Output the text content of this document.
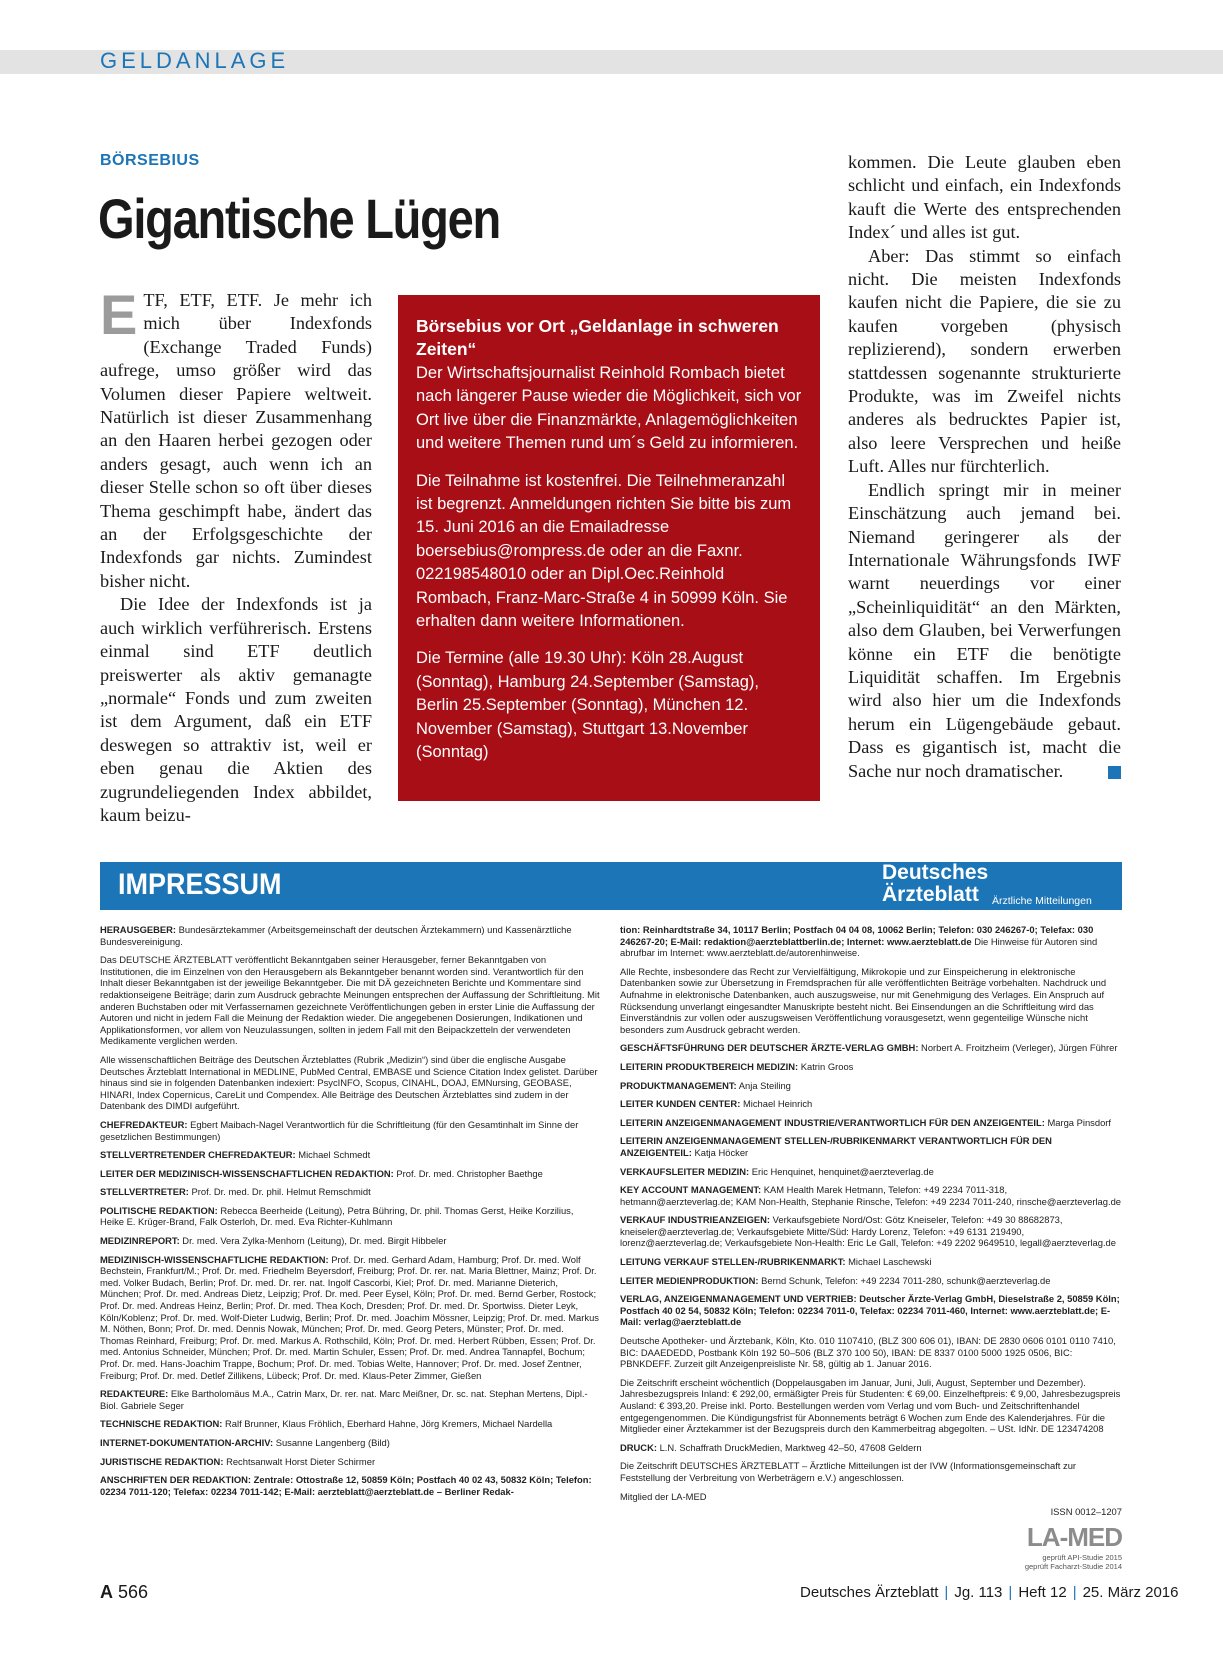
GELDANLAGE
BÖRSEBIUS
Gigantische Lügen

ETF, ETF, ETF. Je mehr ich mich über Indexfonds (Exchange Traded Funds) aufrege, umso größer wird das Volumen dieser Papiere weltweit. Natürlich ist dieser Zusammenhang an den Haaren herbei gezogen oder anders gesagt, auch wenn ich an dieser Stelle schon so oft über dieses Thema geschimpft habe, ändert das an der Erfolgsgeschichte der Indexfonds gar nichts. Zumindest bisher nicht.

Die Idee der Indexfonds ist ja auch wirklich verführerisch. Erstens einmal sind ETF deutlich preiswerter als aktiv gemanagte „normale“ Fonds und zum zweiten ist dem Argument, daß ein ETF deswegen so attraktiv ist, weil er eben genau die Aktien des zugrundeliegenden Index abbildet, kaum beizu-

Börsebius vor Ort „Geldanlage in schweren Zeiten“

Der Wirtschaftsjournalist Reinhold Rombach bietet nach längerer Pause wieder die Möglichkeit, sich vor Ort live über die Finanzmärkte, Anlagemöglichkeiten und weitere Themen rund um´s Geld zu informieren.

Die Teilnahme ist kostenfrei. Die Teilnehmeranzahl ist begrenzt. Anmeldungen richten Sie bitte bis zum 15. Juni 2016 an die Emailadresse boersebius@rompress.de oder an die Faxnr. 022198548010 oder an Dipl.Oec.Reinhold Rombach, Franz-Marc-Straße 4 in 50999 Köln. Sie erhalten dann weitere Informationen.

Die Termine (alle 19.30 Uhr): Köln 28.August (Sonntag), Hamburg 24.September (Samstag), Berlin 25.September (Sonntag), München 12. November (Samstag), Stuttgart 13.November (Sonntag)

kommen. Die Leute glauben eben schlicht und einfach, ein Indexfonds kauft die Werte des entsprechenden Index´ und alles ist gut.

Aber: Das stimmt so einfach nicht. Die meisten Indexfonds kaufen nicht die Papiere, die sie zu kaufen vorgeben (physisch replizierend), sondern erwerben stattdessen sogenannte strukturierte Produkte, was im Zweifel nichts anderes als bedrucktes Papier ist, also leere Versprechen und heiße Luft. Alles nur fürchterlich.

Endlich springt mir in meiner Einschätzung auch jemand bei. Niemand geringerer als der Internationale Währungsfonds IWF warnt neuerdings vor einer „Scheinliquidität“ an den Märkten, also dem Glauben, bei Verwerfungen könne ein ETF die benötigte Liquidität schaffen. Im Ergebnis wird also hier um die Indexfonds herum ein Lügengebäude gebaut. Dass es gigantisch ist, macht die Sache nur noch dramatischer.

IMPRESSUM	Deutsches
Ärzteblatt	Ärztliche Mitteilungen

HERAUSGEBER: Bundesärztekammer (Arbeitsgemeinschaft der deutschen Ärztekammern) und Kassenärztliche Bundesvereinigung.

Das DEUTSCHE ÄRZTEBLATT veröffentlicht Bekanntgaben seiner Herausgeber, ferner Bekanntgaben von Institutionen, die im Einzelnen von den Herausgebern als Bekanntgeber benannt worden sind. Verantwortlich für den Inhalt dieser Bekanntgaben ist der jeweilige Bekanntgeber. Die mit DÄ gezeichneten Berichte und Kommentare sind redaktionseigene Beiträge; darin zum Ausdruck gebrachte Meinungen entsprechen der Auffassung der Schriftleitung. Mit anderen Buchstaben oder mit Verfassernamen gezeichnete Veröffentlichungen geben in erster Linie die Auffassung der Autoren und nicht in jedem Fall die Meinung der Redaktion wieder. Die angegebenen Dosierungen, Indikationen und Applikationsformen, vor allem von Neuzulassungen, sollten in jedem Fall mit den Beipackzetteln der verwendeten Medikamente verglichen werden.

Alle wissenschaftlichen Beiträge des Deutschen Ärzteblattes (Rubrik „Medizin“) sind über die englische Ausgabe Deutsches Ärzteblatt International in MEDLINE, PubMed Central, EMBASE und Science Citation Index gelistet. Darüber hinaus sind sie in folgenden Datenbanken indexiert: PsycINFO, Scopus, CINAHL, DOAJ, EMNursing, GEOBASE, HINARI, Index Copernicus, CareLit und Compendex. Alle Beiträge des Deutschen Ärzteblattes sind zudem in der Datenbank des DIMDI aufgeführt.

CHEFREDAKTEUR: Egbert Maibach-Nagel Verantwortlich für die Schriftleitung (für den Gesamtinhalt im Sinne der gesetzlichen Bestimmungen)

STELLVERTRETENDER CHEFREDAKTEUR: Michael Schmedt

LEITER DER MEDIZINISCH-WISSENSCHAFTLICHEN REDAKTION: Prof. Dr. med. Christopher Baethge

STELLVERTRETER: Prof. Dr. med. Dr. phil. Helmut Remschmidt

POLITISCHE REDAKTION: Rebecca Beerheide (Leitung), Petra Bühring, Dr. phil. Thomas Gerst, Heike Korzilius, Heike E. Krüger-Brand, Falk Osterloh, Dr. med. Eva Richter-Kuhlmann

MEDIZINREPORT: Dr. med. Vera Zylka-Menhorn (Leitung), Dr. med. Birgit Hibbeler

MEDIZINISCH-WISSENSCHAFTLICHE REDAKTION: Prof. Dr. med. Gerhard Adam, Hamburg; Prof. Dr. med. Wolf Bechstein, Frankfurt/M.; Prof. Dr. med. Friedhelm Beyersdorf, Freiburg; Prof. Dr. rer. nat. Maria Blettner, Mainz; Prof. Dr. med. Volker Budach, Berlin; Prof. Dr. med. Dr. rer. nat. Ingolf Cascorbi, Kiel; Prof. Dr. med. Marianne Dieterich, München; Prof. Dr. med. Andreas Dietz, Leipzig; Prof. Dr. med. Peer Eysel, Köln; Prof. Dr. med. Bernd Gerber, Rostock; Prof. Dr. med. Andreas Heinz, Berlin; Prof. Dr. med. Thea Koch, Dresden; Prof. Dr. med. Dr. Sportwiss. Dieter Leyk, Köln/Koblenz; Prof. Dr. med. Wolf-Dieter Ludwig, Berlin; Prof. Dr. med. Joachim Mössner, Leipzig; Prof. Dr. med. Markus M. Nöthen, Bonn; Prof. Dr. med. Dennis Nowak, München; Prof. Dr. med. Georg Peters, Münster; Prof. Dr. med. Thomas Reinhard, Freiburg; Prof. Dr. med. Markus A. Rothschild, Köln; Prof. Dr. med. Herbert Rübben, Essen; Prof. Dr. med. Antonius Schneider, München; Prof. Dr. med. Martin Schuler, Essen; Prof. Dr. med. Andrea Tannapfel, Bochum; Prof. Dr. med. Hans-Joachim Trappe, Bochum; Prof. Dr. med. Tobias Welte, Hannover; Prof. Dr. med. Josef Zentner, Freiburg; Prof. Dr. med. Detlef Zillikens, Lübeck; Prof. Dr. med. Klaus-Peter Zimmer, Gießen

REDAKTEURE: Elke Bartholomäus M.A., Catrin Marx, Dr. rer. nat. Marc Meißner, Dr. sc. nat. Stephan Mertens, Dipl.-Biol. Gabriele Seger

TECHNISCHE REDAKTION: Ralf Brunner, Klaus Fröhlich, Eberhard Hahne, Jörg Kremers, Michael Nardella

INTERNET-DOKUMENTATION-ARCHIV: Susanne Langenberg (Bild)

JURISTISCHE REDAKTION: Rechtsanwalt Horst Dieter Schirmer

ANSCHRIFTEN DER REDAKTION: Zentrale: Ottostraße 12, 50859 Köln; Postfach 40 02 43, 50832 Köln; Telefon: 02234 7011-120; Telefax: 02234 7011-142; E-Mail: aerzteblatt@aerzteblatt.de – Berliner Redak-

tion: Reinhardtstraße 34, 10117 Berlin; Postfach 04 04 08, 10062 Berlin; Telefon: 030 246267-0; Telefax: 030 246267-20; E-Mail: redaktion@aerzteblattberlin.de; Internet: www.aerzteblatt.de Die Hinweise für Autoren sind abrufbar im Internet: www.aerzteblatt.de/autorenhinweise.

Alle Rechte, insbesondere das Recht zur Vervielfältigung, Mikrokopie und zur Einspeicherung in elektronische Datenbanken sowie zur Übersetzung in Fremdsprachen für alle veröffentlichten Beiträge vorbehalten. Nachdruck und Aufnahme in elektronische Datenbanken, auch auszugsweise, nur mit Genehmigung des Verlages. Ein Anspruch auf Rücksendung unverlangt eingesandter Manuskripte besteht nicht. Bei Einsendungen an die Schriftleitung wird das Einverständnis zur vollen oder auszugsweisen Veröffentlichung vorausgesetzt, wenn gegenteilige Wünsche nicht besonders zum Ausdruck gebracht werden.

GESCHÄFTSFÜHRUNG DER DEUTSCHER ÄRZTE-VERLAG GMBH: Norbert A. Froitzheim (Verleger), Jürgen Führer

LEITERIN PRODUKTBEREICH MEDIZIN: Katrin Groos

PRODUKTMANAGEMENT: Anja Steiling

LEITER KUNDEN CENTER: Michael Heinrich

LEITERIN ANZEIGENMANAGEMENT INDUSTRIE/VERANTWORTLICH FÜR DEN ANZEIGENTEIL: Marga Pinsdorf

LEITERIN ANZEIGENMANAGEMENT STELLEN-/RUBRIKENMARKT VERANTWORTLICH FÜR DEN ANZEIGENTEIL: Katja Höcker

VERKAUFSLEITER MEDIZIN: Eric Henquinet, henquinet@aerzteverlag.de

KEY ACCOUNT MANAGEMENT: KAM Health Marek Hetmann, Telefon: +49 2234 7011-318, hetmann@aerzteverlag.de; KAM Non-Health, Stephanie Rinsche, Telefon: +49 2234 7011-240, rinsche@aerzteverlag.de

VERKAUF INDUSTRIEANZEIGEN: Verkaufsgebiete Nord/Ost: Götz Kneiseler, Telefon: +49 30 88682873, kneiseler@aerzteverlag.de; Verkaufsgebiete Mitte/Süd: Hardy Lorenz, Telefon: +49 6131 219490, lorenz@aerzteverlag.de; Verkaufsgebiete Non-Health: Eric Le Gall, Telefon: +49 2202 9649510, legall@aerzteverlag.de

LEITUNG VERKAUF STELLEN-/RUBRIKENMARKT: Michael Laschewski

LEITER MEDIENPRODUKTION: Bernd Schunk, Telefon: +49 2234 7011-280, schunk@aerzteverlag.de

VERLAG, ANZEIGENMANAGEMENT UND VERTRIEB: Deutscher Ärzte-Verlag GmbH, Dieselstraße 2, 50859 Köln; Postfach 40 02 54, 50832 Köln; Telefon: 02234 7011-0, Telefax: 02234 7011-460, Internet: www.aerzteblatt.de; E-Mail: verlag@aerzteblatt.de

Deutsche Apotheker- und Ärztebank, Köln, Kto. 010 1107410, (BLZ 300 606 01), IBAN: DE 2830 0606 0101 0110 7410, BIC: DAAEDEDD, Postbank Köln 192 50–506 (BLZ 370 100 50), IBAN: DE 8337 0100 5000 1925 0506, BIC: PBNKDEFF. Zurzeit gilt Anzeigenpreisliste Nr. 58, gültig ab 1. Januar 2016.

Die Zeitschrift erscheint wöchentlich (Doppelausgaben im Januar, Juni, Juli, August, September und Dezember). Jahresbezugspreis Inland: € 292,00, ermäßigter Preis für Studenten: € 69,00. Einzelheftpreis: € 9,00, Jahresbezugspreis Ausland: € 393,20. Preise inkl. Porto. Bestellungen werden vom Verlag und vom Buch- und Zeitschriftenhandel entgegengenommen. Die Kündigungsfrist für Abonnements beträgt 6 Wochen zum Ende des Kalenderjahres. Für die Mitglieder einer Ärztekammer ist der Bezugspreis durch den Kammerbeitrag abgegolten. – USt. IdNr. DE 123474208

DRUCK: L.N. Schaffrath DruckMedien, Marktweg 42–50, 47608 Geldern

Die Zeitschrift DEUTSCHES ÄRZTEBLATT – Ärztliche Mitteilungen ist der IVW (Informationsgemeinschaft zur Feststellung der Verbreitung von Werbeträgern e.V.) angeschlossen.

Mitglied der LA-MED

ISSN 0012–1207
LA-MED
geprüft API-Studie 2015
geprüft Facharzt-Studie 2014
A 566	Deutsches Ärzteblatt | Jg. 113 | Heft 12 | 25. März 2016
